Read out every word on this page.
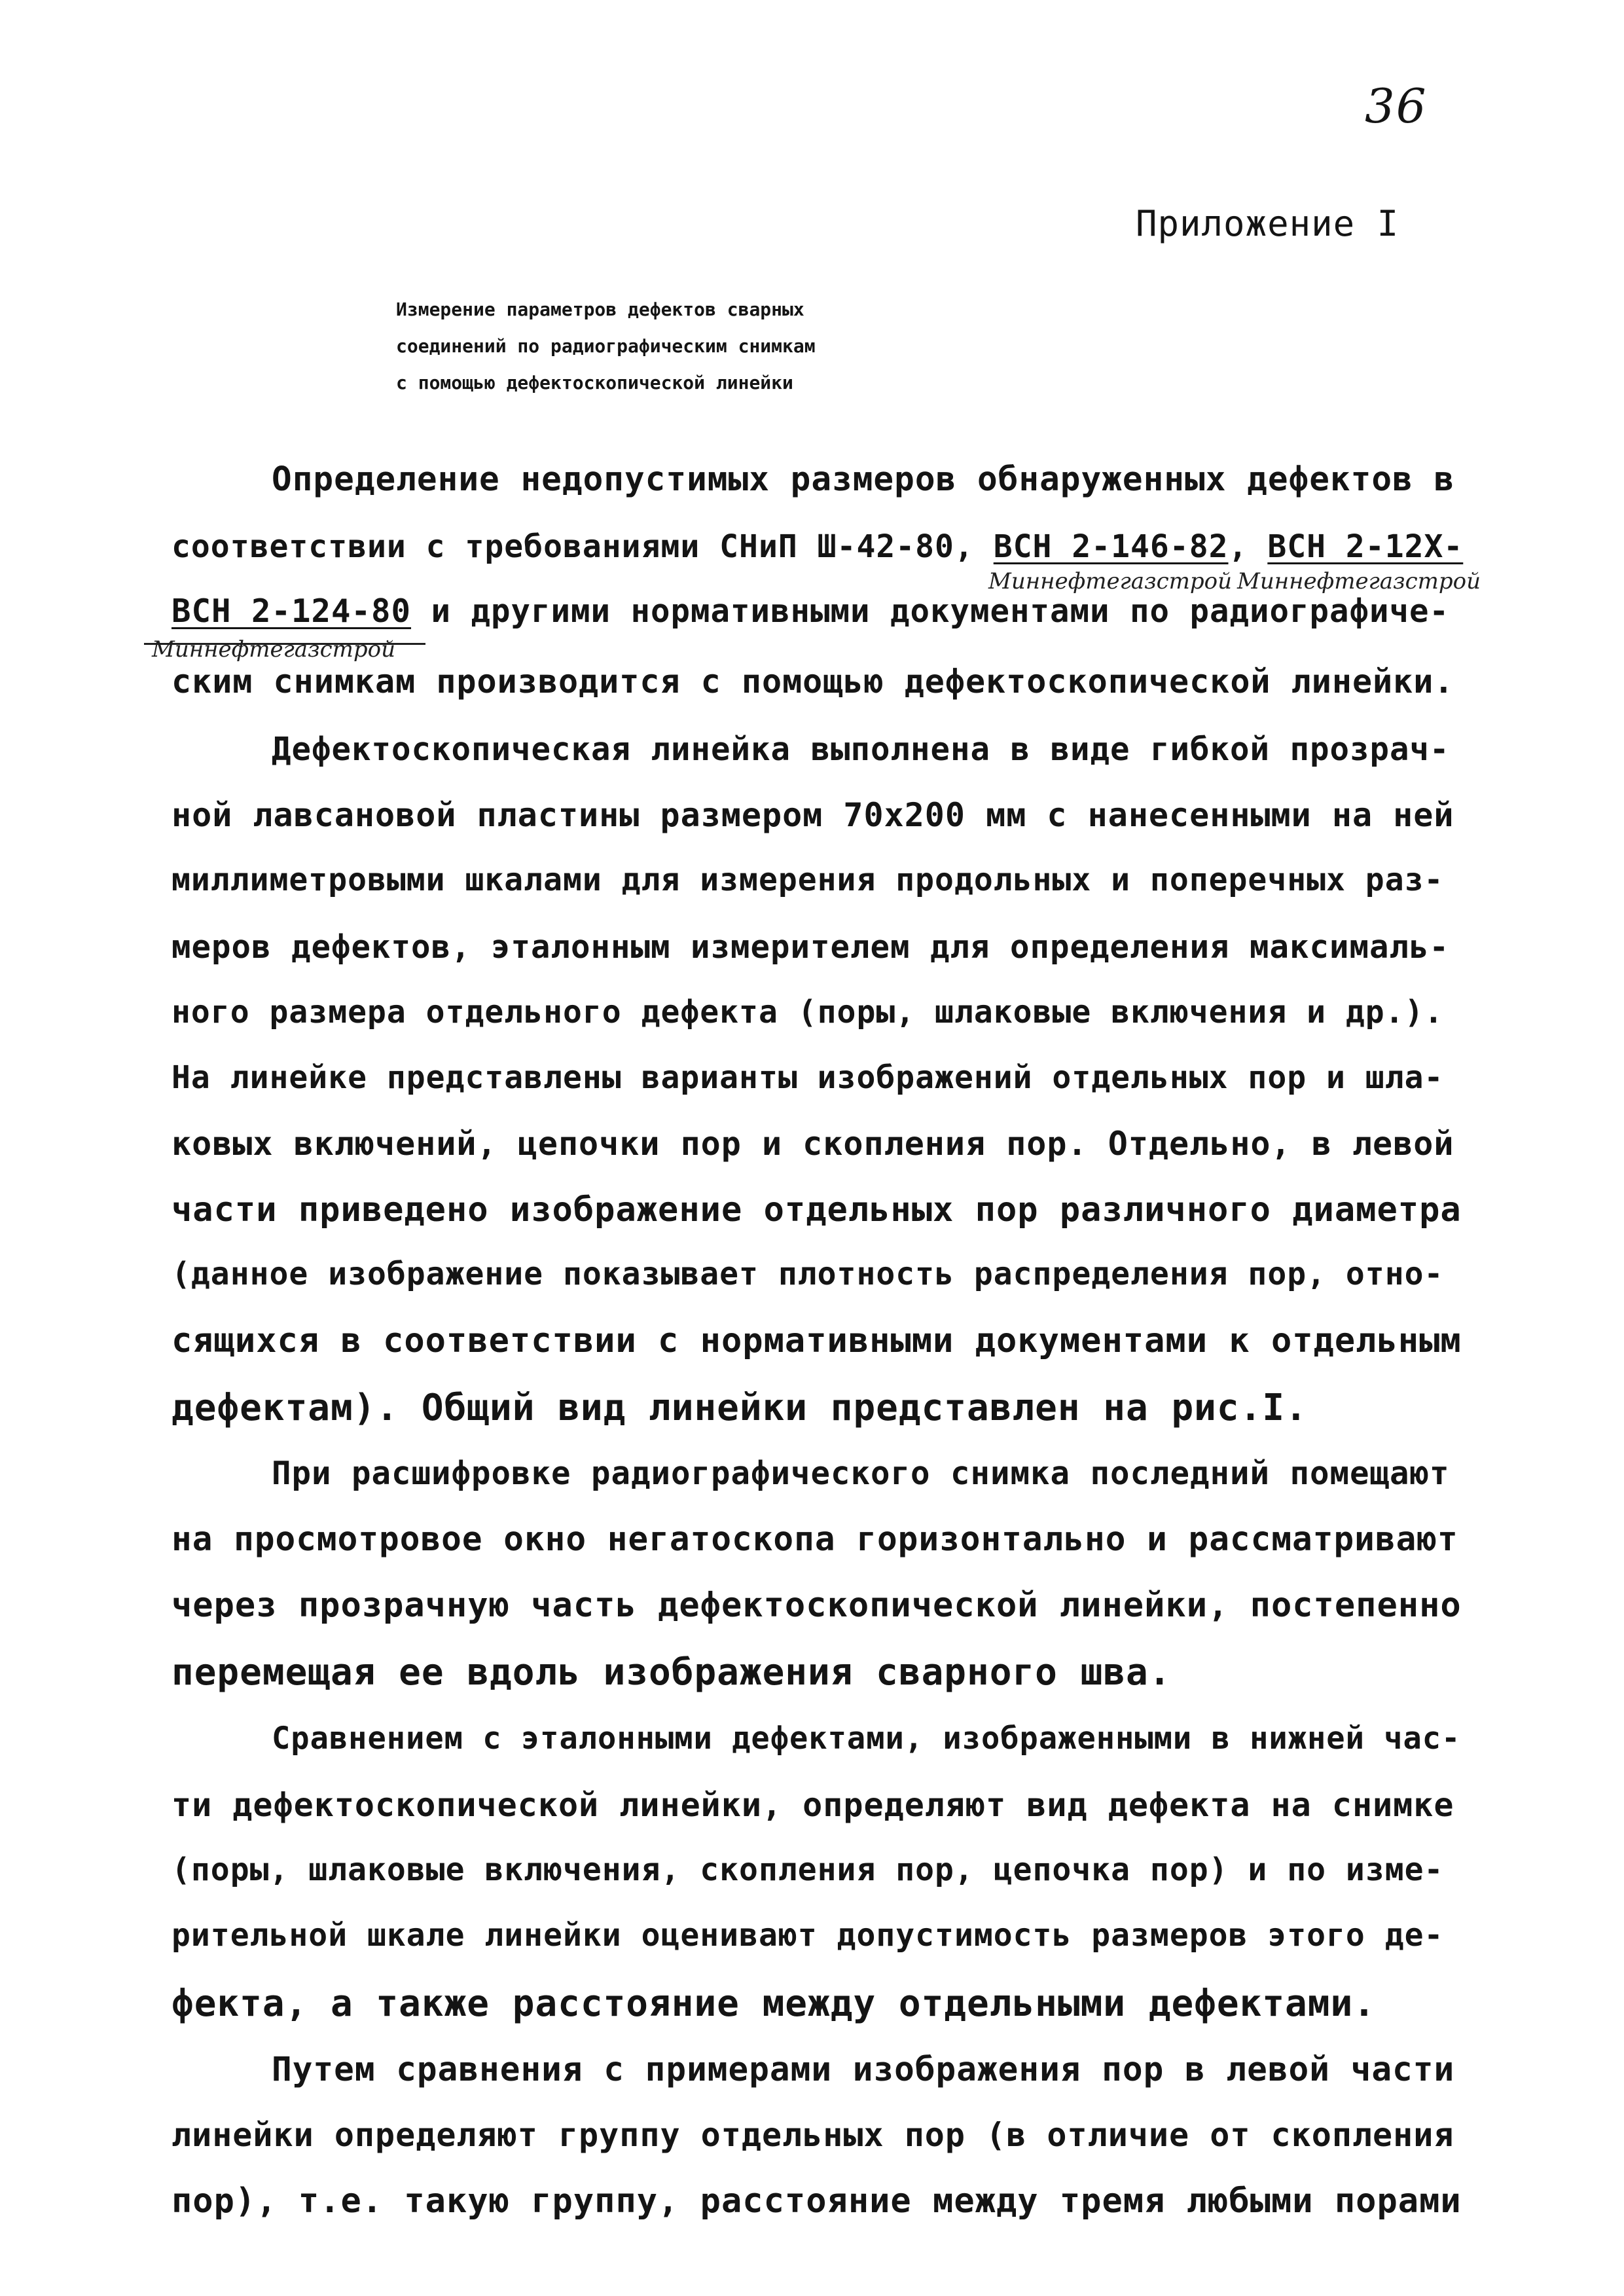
36
Приложение I
Измерение параметров дефектов сварных
соединений по радиографическим снимкам
с помощью дефектоскопической линейки
Определение недопустимых размеров обнаруженных дефектов в
соответствии с требованиями СНиП Ш-42-80, ВСН 2-146-82, ВСН 2-12Х-
Миннефтегазстрой Миннефтегазстрой
ВСН 2-124-80 и другими нормативными документами по радиографиче-
Миннефтегазстрой
ским снимкам производится с помощью дефектоскопической линейки.
Дефектоскопическая линейка выполнена в виде гибкой прозрач-
ной лавсановой пластины размером 70х200 мм с нанесенными на ней
миллиметровыми шкалами для измерения продольных и поперечных раз-
меров дефектов, эталонным измерителем для определения максималь-
ного размера отдельного дефекта (поры, шлаковые включения и др.).
На линейке представлены варианты изображений отдельных пор и шла-
ковых включений, цепочки пор и скопления пор. Отдельно, в левой
части приведено изображение отдельных пор различного диаметра
(данное изображение показывает плотность распределения пор, отно-
сящихся в соответствии с нормативными документами к отдельным
дефектам). Общий вид линейки представлен на рис.I.
При расшифровке радиографического снимка последний помещают
на просмотровое окно негатоскопа горизонтально и рассматривают
через прозрачную часть дефектоскопической линейки, постепенно
перемещая ее вдоль изображения сварного шва.
Сравнением с эталонными дефектами, изображенными в нижней час-
ти дефектоскопической линейки, определяют вид дефекта на снимке
(поры, шлаковые включения, скопления пор, цепочка пор) и по изме-
рительной шкале линейки оценивают допустимость размеров этого де-
фекта, а также расстояние между отдельными дефектами.
Путем сравнения с примерами изображения пор в левой части
линейки определяют группу отдельных пор (в отличие от скопления
пор), т.е. такую группу, расстояние между тремя любыми порами
